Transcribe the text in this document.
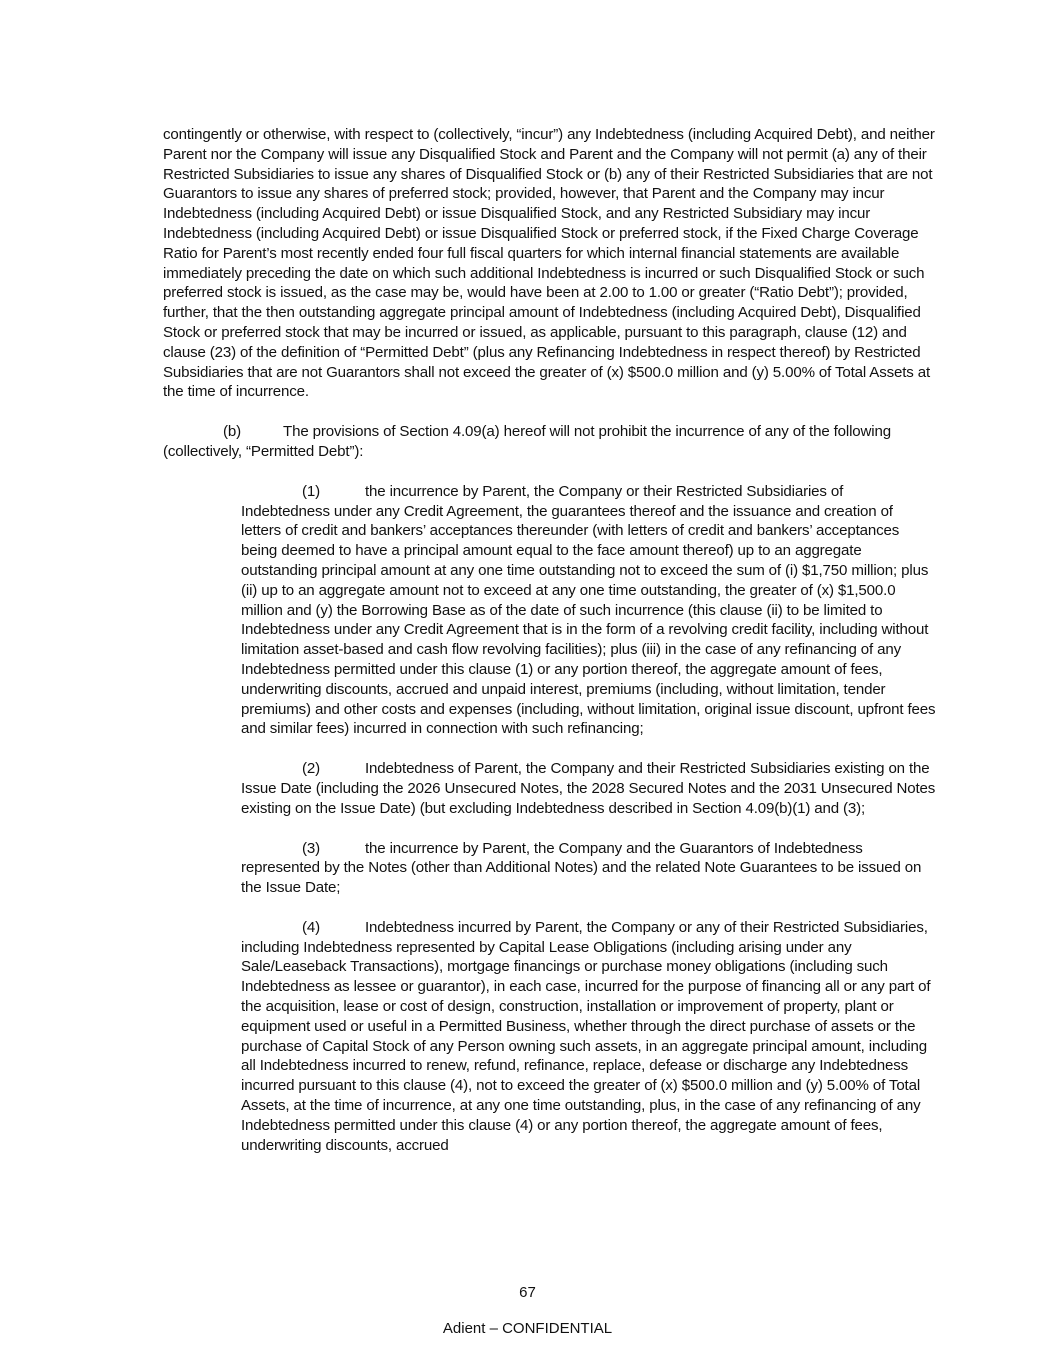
contingently or otherwise, with respect to (collectively, “incur”) any Indebtedness (including Acquired Debt), and neither Parent nor the Company will issue any Disqualified Stock and Parent and the Company will not permit (a) any of their Restricted Subsidiaries to issue any shares of Disqualified Stock or (b) any of their Restricted Subsidiaries that are not Guarantors to issue any shares of preferred stock; provided, however, that Parent and the Company may incur Indebtedness (including Acquired Debt) or issue Disqualified Stock, and any Restricted Subsidiary may incur Indebtedness (including Acquired Debt) or issue Disqualified Stock or preferred stock, if the Fixed Charge Coverage Ratio for Parent’s most recently ended four full fiscal quarters for which internal financial statements are available immediately preceding the date on which such additional Indebtedness is incurred or such Disqualified Stock or such preferred stock is issued, as the case may be, would have been at 2.00 to 1.00 or greater (“Ratio Debt”); provided, further, that the then outstanding aggregate principal amount of Indebtedness (including Acquired Debt), Disqualified Stock or preferred stock that may be incurred or issued, as applicable, pursuant to this paragraph, clause (12) and clause (23) of the definition of “Permitted Debt” (plus any Refinancing Indebtedness in respect thereof) by Restricted Subsidiaries that are not Guarantors shall not exceed the greater of (x) $500.0 million and (y) 5.00% of Total Assets at the time of incurrence.

(b)	The provisions of Section 4.09(a) hereof will not prohibit the incurrence of any of the following (collectively, “Permitted Debt”):

(1)	the incurrence by Parent, the Company or their Restricted Subsidiaries of Indebtedness under any Credit Agreement, the guarantees thereof and the issuance and creation of letters of credit and bankers’ acceptances thereunder (with letters of credit and bankers’ acceptances being deemed to have a principal amount equal to the face amount thereof) up to an aggregate outstanding principal amount at any one time outstanding not to exceed the sum of (i) $1,750 million; plus (ii) up to an aggregate amount not to exceed at any one time outstanding, the greater of (x) $1,500.0 million and (y) the Borrowing Base as of the date of such incurrence (this clause (ii) to be limited to Indebtedness under any Credit Agreement that is in the form of a revolving credit facility, including without limitation asset-based and cash flow revolving facilities); plus (iii) in the case of any refinancing of any Indebtedness permitted under this clause (1) or any portion thereof, the aggregate amount of fees, underwriting discounts, accrued and unpaid interest, premiums (including, without limitation, tender premiums) and other costs and expenses (including, without limitation, original issue discount, upfront fees and similar fees) incurred in connection with such refinancing;

(2)	Indebtedness of Parent, the Company and their Restricted Subsidiaries existing on the Issue Date (including the 2026 Unsecured Notes, the 2028 Secured Notes and the 2031 Unsecured Notes existing on the Issue Date) (but excluding Indebtedness described in Section 4.09(b)(1) and (3);

(3)	the incurrence by Parent, the Company and the Guarantors of Indebtedness represented by the Notes (other than Additional Notes) and the related Note Guarantees to be issued on the Issue Date;

(4)	Indebtedness incurred by Parent, the Company or any of their Restricted Subsidiaries, including Indebtedness represented by Capital Lease Obligations (including arising under any Sale/Leaseback Transactions), mortgage financings or purchase money obligations (including such Indebtedness as lessee or guarantor), in each case, incurred for the purpose of financing all or any part of the acquisition, lease or cost of design, construction, installation or improvement of property, plant or equipment used or useful in a Permitted Business, whether through the direct purchase of assets or the purchase of Capital Stock of any Person owning such assets, in an aggregate principal amount, including all Indebtedness incurred to renew, refund, refinance, replace, defease or discharge any Indebtedness incurred pursuant to this clause (4), not to exceed the greater of (x) $500.0 million and (y) 5.00% of Total Assets, at the time of incurrence, at any one time outstanding, plus, in the case of any refinancing of any Indebtedness permitted under this clause (4) or any portion thereof, the aggregate amount of fees, underwriting discounts, accrued

67
Adient – CONFIDENTIAL
